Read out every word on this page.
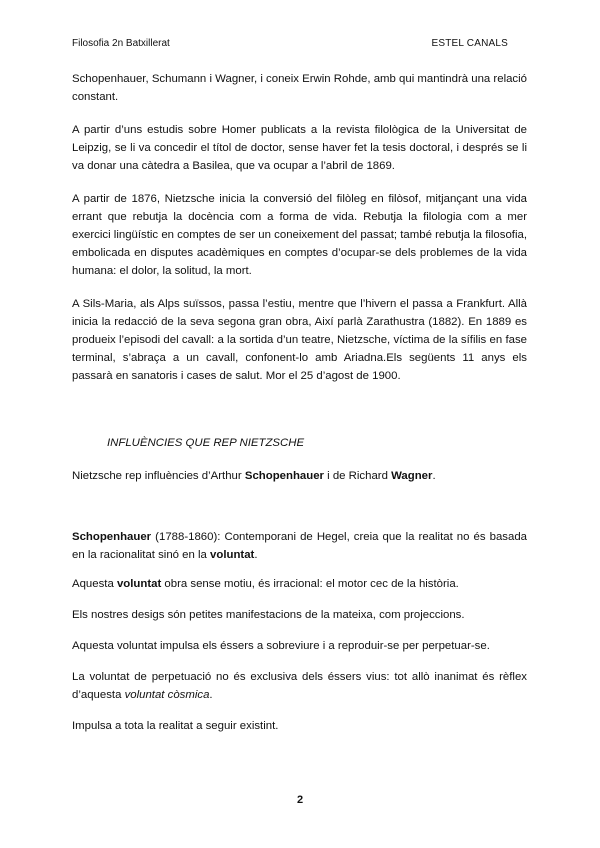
Filosofia 2n Batxillerat	ESTEL CANALS

Schopenhauer, Schumann i Wagner, i coneix Erwin Rohde, amb qui mantindrà una relació constant.

A partir d’uns estudis sobre Homer publicats a la revista filològica de la Universitat de Leipzig, se li va concedir el títol de doctor, sense haver fet la tesis doctoral, i després se li va donar una càtedra a Basilea, que va ocupar a l’abril de 1869.

A partir de 1876, Nietzsche inicia la conversió del filòleg en filòsof, mitjançant una vida errant que rebutja la docència com a forma de vida. Rebutja la filologia com a mer exercici lingüístic en comptes de ser un coneixement del passat; també rebutja la filosofia, embolicada en disputes acadèmiques en comptes d’ocupar-se dels problemes de la vida humana: el dolor, la solitud, la mort.

A Sils-Maria, als Alps suïssos, passa l’estiu, mentre que l’hivern el passa a Frankfurt. Allà inicia la redacció de la seva segona gran obra, Així parlà Zarathustra (1882). En 1889 es produeix l’episodi del cavall: a la sortida d’un teatre, Nietzsche, víctima de la sífilis en fase terminal, s’abraça a un cavall, confonent-lo amb Ariadna.Els següents 11 anys els passarà en sanatoris i cases de salut. Mor el 25 d’agost de 1900.

INFLUÈNCIES QUE REP NIETZSCHE

Nietzsche rep influències d’Arthur Schopenhauer i de Richard Wagner.

Schopenhauer (1788-1860): Contemporani de Hegel, creia que la realitat no és basada en la racionalitat sinó en la voluntat.

Aquesta voluntat obra sense motiu, és irracional: el motor cec de la història.

Els nostres desigs són petites manifestacions de la mateixa, com projeccions.

Aquesta voluntat impulsa els éssers a sobreviure i a reproduir-se per perpetuar-se.

La voluntat de perpetuació no és exclusiva dels éssers vius: tot allò inanimat és rèflex d’aquesta voluntat còsmica.

Impulsa a tota la realitat a seguir existint.

2
